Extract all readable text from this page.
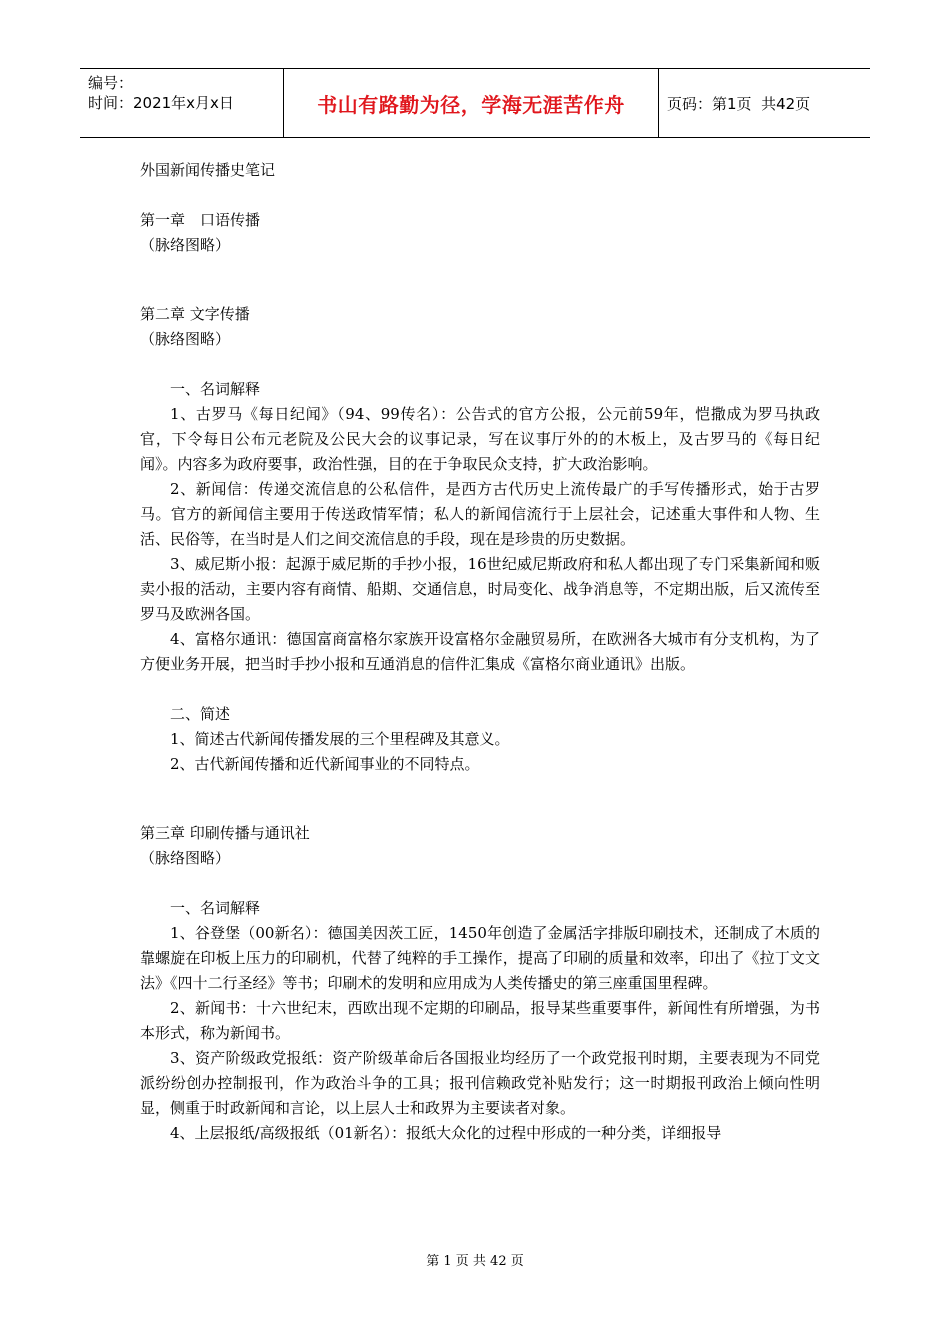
编号：
时间：2021年x月x日	书山有路勤为径，学海无涯苦作舟	页码：第1页  共42页
外国新闻传播史笔记
第一章　口语传播
（脉络图略）
第二章 文字传播
（脉络图略）
一、名词解释
1、古罗马《每日纪闻》（94、99传名）：公告式的官方公报，公元前59年，恺撒成为罗马执政官，下令每日公布元老院及公民大会的议事记录，写在议事厅外的的木板上，及古罗马的《每日纪闻》。内容多为政府要事，政治性强，目的在于争取民众支持，扩大政治影响。
2、新闻信：传递交流信息的公私信件，是西方古代历史上流传最广的手写传播形式，始于古罗马。官方的新闻信主要用于传送政情军情；私人的新闻信流行于上层社会，记述重大事件和人物、生活、民俗等，在当时是人们之间交流信息的手段，现在是珍贵的历史数据。
3、威尼斯小报：起源于威尼斯的手抄小报，16世纪威尼斯政府和私人都出现了专门采集新闻和贩卖小报的活动，主要内容有商情、船期、交通信息，时局变化、战争消息等，不定期出版，后又流传至罗马及欧洲各国。
4、富格尔通讯：德国富商富格尔家族开设富格尔金融贸易所，在欧洲各大城市有分支机构，为了方便业务开展，把当时手抄小报和互通消息的信件汇集成《富格尔商业通讯》出版。
二、简述
1、简述古代新闻传播发展的三个里程碑及其意义。
2、古代新闻传播和近代新闻事业的不同特点。
第三章 印刷传播与通讯社
（脉络图略）
一、名词解释
1、谷登堡（00新名）：德国美因茨工匠，1450年创造了金属活字排版印刷技术，还制成了木质的靠螺旋在印板上压力的印刷机，代替了纯粹的手工操作，提高了印刷的质量和效率，印出了《拉丁文文法》《四十二行圣经》等书；印刷术的发明和应用成为人类传播史的第三座重国里程碑。
2、新闻书：十六世纪末，西欧出现不定期的印刷品，报导某些重要事件，新闻性有所增强，为书本形式，称为新闻书。
3、资产阶级政党报纸：资产阶级革命后各国报业均经历了一个政党报刊时期，主要表现为不同党派纷纷创办控制报刊，作为政治斗争的工具；报刊信赖政党补贴发行；这一时期报刊政治上倾向性明显，侧重于时政新闻和言论，以上层人士和政界为主要读者对象。
4、上层报纸/高级报纸（01新名）：报纸大众化的过程中形成的一种分类，详细报导
第 1 页 共 42 页
